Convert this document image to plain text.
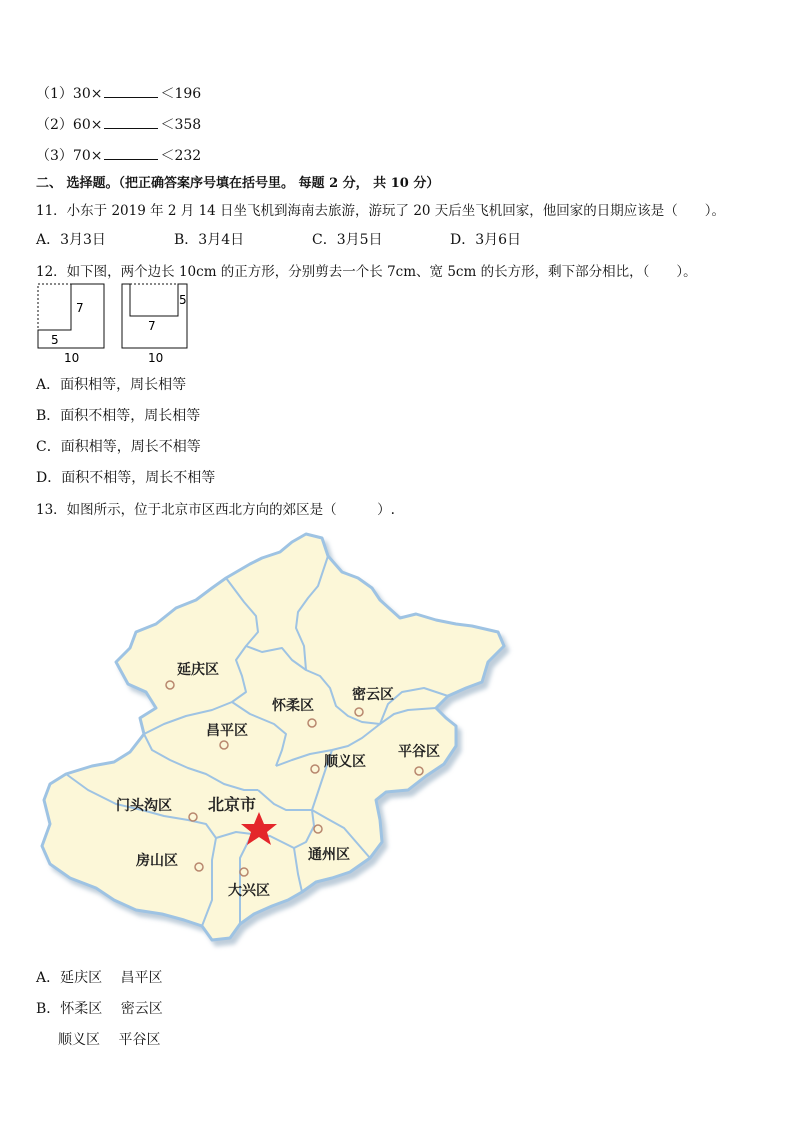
（1）30×	＜196
（2）60×	＜358
（3）70×	＜232
二、 选择题。（把正确答案序号填在括号里。 每题 2 分， 共 10 分）
11．小东于 2019 年 2 月 14 日坐飞机到海南去旅游，游玩了 20 天后坐飞机回家，他回家的日期应该是（　　）。
A．3月3日	B．3月4日	C．3月5日	D．3月6日
12．如下图，两个边长 10cm 的正方形，分别剪去一个长 7cm、宽 5cm 的长方形，剩下部分相比，（　　）。
7
5
10
5
7
10
A．面积相等，周长相等
B．面积不相等，周长相等
C．面积相等，周长不相等
D．面积不相等，周长不相等
13．如图所示，位于北京市区西北方向的郊区是（　　　）.
延庆区
怀柔区
密云区
昌平区
顺义区
平谷区
门头沟区 北京市
通州区
房山区
大兴区
A．延庆区　 昌平区
B．怀柔区　 密云区
顺义区　 平谷区
